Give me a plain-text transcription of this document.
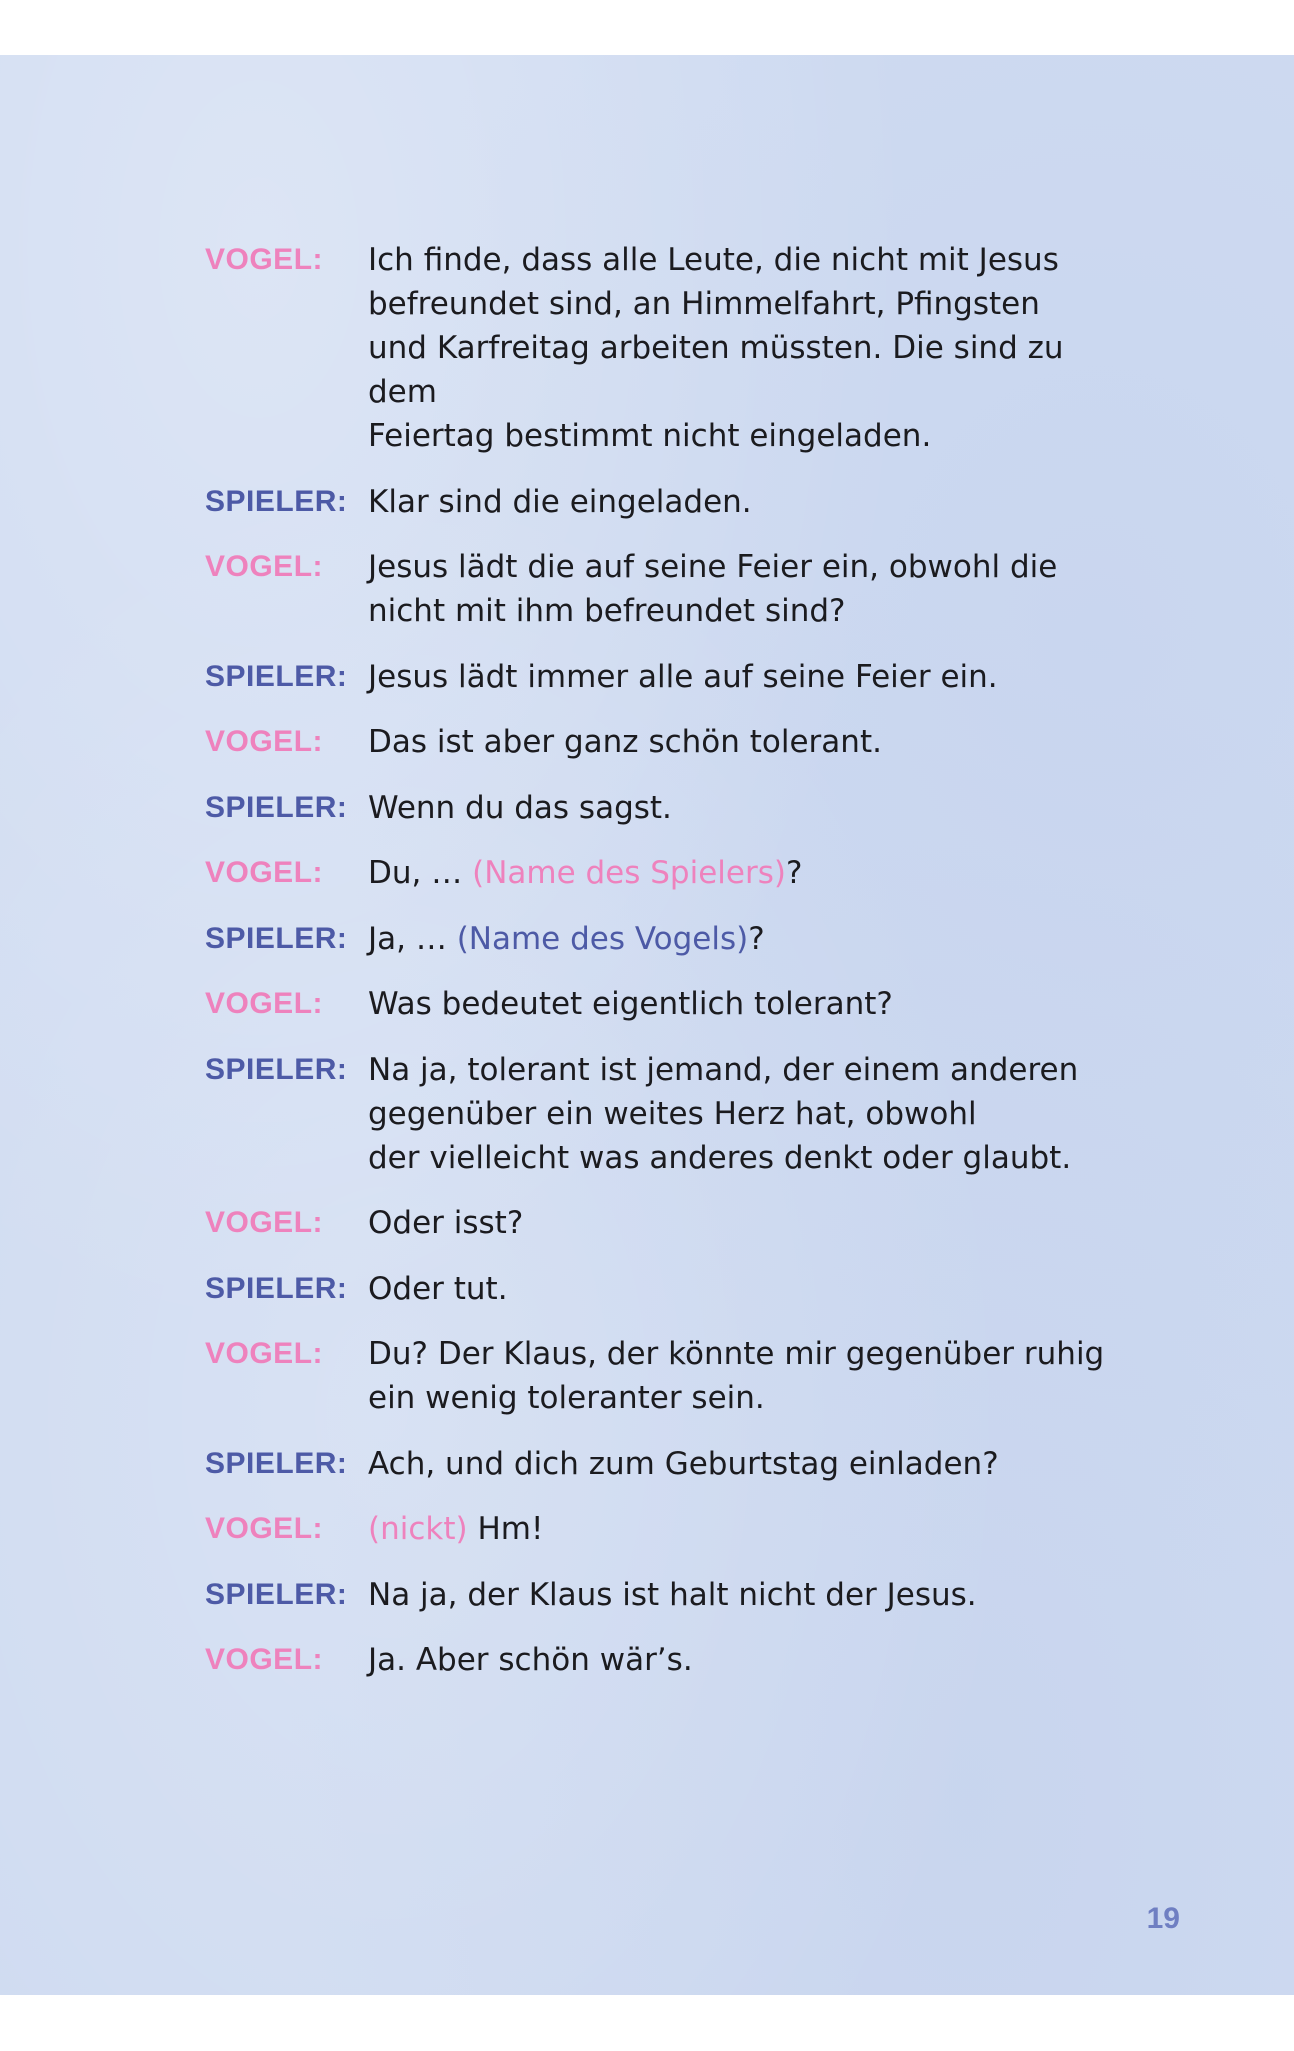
VOGEL:	Ich finde, dass alle Leute, die nicht mit Jesus
befreundet sind, an Himmelfahrt, Pfingsten
und Karfreitag arbeiten müssten. Die sind zu dem
Feiertag bestimmt nicht eingeladen.
SPIELER: Klar sind die eingeladen.
VOGEL:	Jesus lädt die auf seine Feier ein, obwohl die
nicht mit ihm befreundet sind?
SPIELER: Jesus lädt immer alle auf seine Feier ein.
VOGEL:	Das ist aber ganz schön tolerant.
SPIELER: Wenn du das sagst.
VOGEL:	Du, … (Name des Spielers)?
SPIELER: Ja, … (Name des Vogels)?
VOGEL:	Was bedeutet eigentlich tolerant?
SPIELER: Na ja, tolerant ist jemand, der einem anderen
gegenüber ein weites Herz hat, obwohl
der vielleicht was anderes denkt oder glaubt.
VOGEL:	Oder isst?
SPIELER: Oder tut.
VOGEL:	Du? Der Klaus, der könnte mir gegenüber ruhig
ein wenig toleranter sein.
SPIELER: Ach, und dich zum Geburtstag einladen?
VOGEL:	(nickt) Hm!
SPIELER: Na ja, der Klaus ist halt nicht der Jesus.
VOGEL:	Ja. Aber schön wär’s.
19
